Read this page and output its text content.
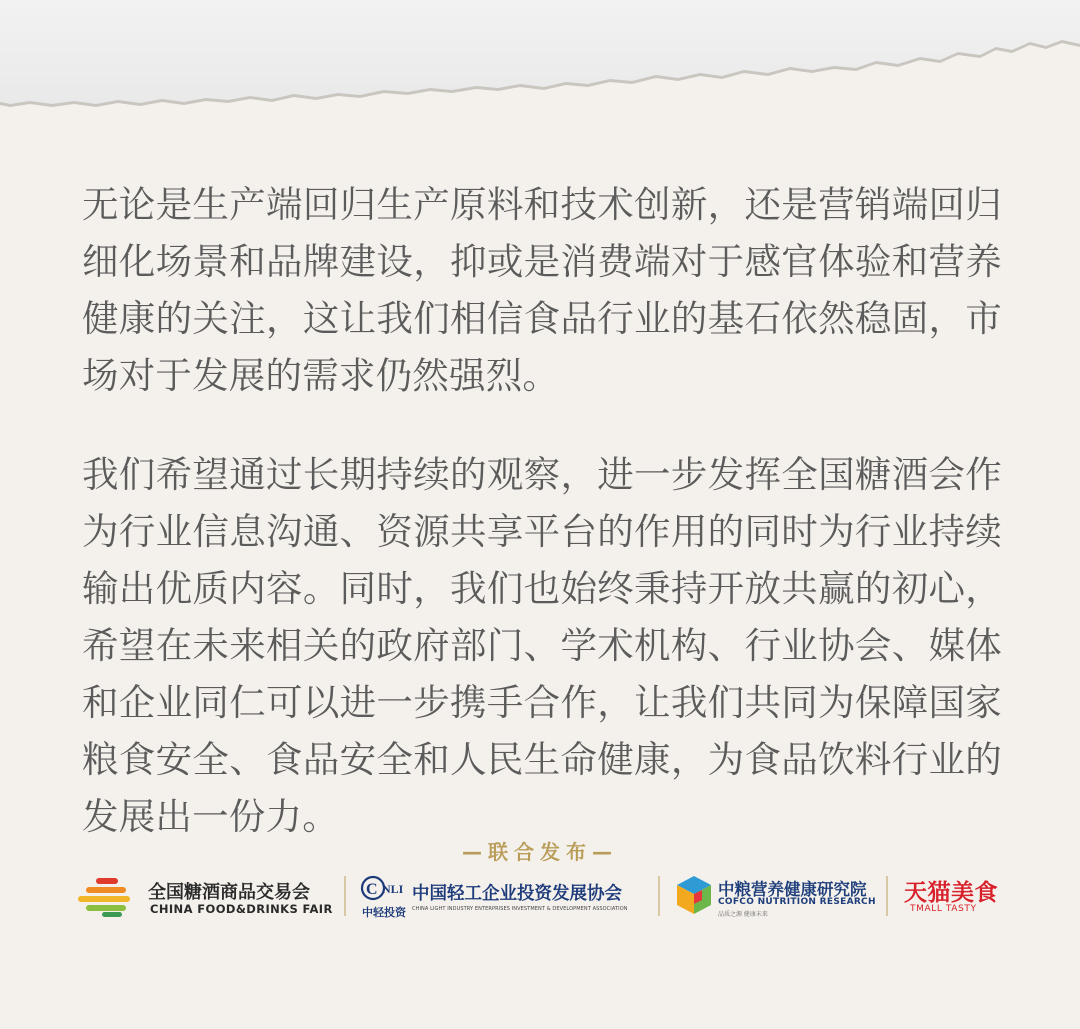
无论是生产端回归生产原料和技术创新，还是营销端回归细化场景和品牌建设，抑或是消费端对于感官体验和营养健康的关注，这让我们相信食品行业的基石依然稳固，市场对于发展的需求仍然强烈。

我们希望通过长期持续的观察，进一步发挥全国糖酒会作为行业信息沟通、资源共享平台的作用的同时为行业持续输出优质内容。同时，我们也始终秉持开放共赢的初心，希望在未来相关的政府部门、学术机构、行业协会、媒体和企业同仁可以进一步携手合作，让我们共同为保障国家粮食安全、食品安全和人民生命健康，为食品饮料行业的发展出一份力。

—联合发布—
全国糖酒商品交易会
CHINA FOOD&DRINKS FAIR
C NLI
中轻投资
中国轻工企业投资发展协会
CHINA LIGHT INDUSTRY ENTERPRISES INVESTMENT & DEVELOPMENT ASSOCIATION
中粮营养健康研究院
COFCO NUTRITION RESEARCH
品质之源 健康未来
天猫美食
TMALL TASTY
